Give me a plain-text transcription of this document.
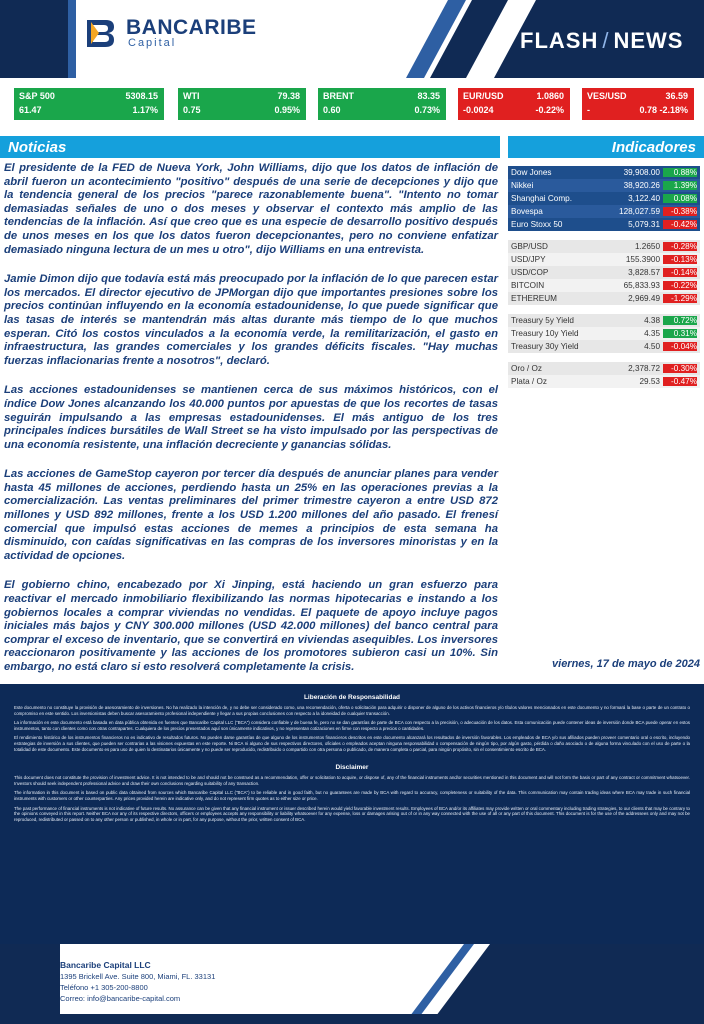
BANCARIBE
Capital	FLASH / NEWS
S&P 500	5308.15
61.47	1.17%
WTI	79.38
0.75	0.95%
BRENT	83.35
0.60	0.73%
EUR/USD	1.0860
-0.0024	-0.22%
VES/USD	36.59
-	0.78 -2.18%
Noticias	Indicadores

El presidente de la FED de Nueva York, John Williams, dijo que los datos de inflación de abril fueron un acontecimiento "positivo" después de una serie de decepciones y dijo que la tendencia general de los precios "parece razonablemente buena". "Intento no tomar demasiadas señales de uno o dos meses y observar el contexto más amplio de las tendencias de la inflación. Así que creo que es una especie de desarrollo positivo después de unos meses en los que los datos fueron decepcionantes, pero no conviene enfatizar demasiado ninguna lectura de un mes u otro", dijo Williams en una entrevista.

Jamie Dimon dijo que todavía está más preocupado por la inflación de lo que parecen estar los mercados. El director ejecutivo de JPMorgan dijo que importantes presiones sobre los precios continúan influyendo en la economía estadounidense, lo que puede significar que las tasas de interés se mantendrán más altas durante más tiempo de lo que muchos esperan. Citó los costos vinculados a la economía verde, la remilitarización, el gasto en infraestructura, las grandes comerciales y los grandes déficits fiscales. "Hay muchas fuerzas inflacionarias frente a nosotros", declaró.

Las acciones estadounidenses se mantienen cerca de sus máximos históricos, con el índice Dow Jones alcanzando los 40.000 puntos por apuestas de que los recortes de tasas seguirán impulsando a las empresas estadounidenses. El más antiguo de los tres principales índices bursátiles de Wall Street se ha visto impulsado por las perspectivas de una economía resistente, una inflación decreciente y ganancias sólidas.

Las acciones de GameStop cayeron por tercer día después de anunciar planes para vender hasta 45 millones de acciones, perdiendo hasta un 25% en las operaciones previas a la comercialización. Las ventas preliminares del primer trimestre cayeron a entre USD 872 millones y USD 892 millones, frente a los USD 1.200 millones del año pasado. El frenesí comercial que impulsó estas acciones de memes a principios de esta semana ha disminuido, con caídas significativas en las compras de los inversores minoristas y en la actividad de opciones.

El gobierno chino, encabezado por Xi Jinping, está haciendo un gran esfuerzo para reactivar el mercado inmobiliario flexibilizando las normas hipotecarias e instando a los gobiernos locales a comprar viviendas no vendidas. El paquete de apoyo incluye pagos iniciales más bajos y CNY 300.000 millones (USD 42.000 millones) del banco central para comprar el exceso de inventario, que se convertirá en viviendas asequibles. Los inversores reaccionaron positivamente y las acciones de los promotores subieron casi un 10%. Sin embargo, no está claro si esto resolverá completamente la crisis.	viernes, 17 de mayo de 2024
Dow Jones	39,908.00	0.88%
Nikkei	38,920.26	1.39%
Shanghai Comp.	3,122.40	0.08%
Bovespa	128,027.59	-0.38%
Euro Stoxx 50	5,079.31	-0.42%
GBP/USD	1.2650	-0.28%
USD/JPY	155.3900	-0.13%
USD/COP	3,828.57	-0.14%
BITCOIN	65,833.93	-0.22%
ETHEREUM	2,969.49	-1.29%
Treasury 5y Yield	4.38	0.72%
Treasury 10y Yield	4.35	0.31%
Treasury 30y Yield	4.50	-0.04%
Oro / Oz	2,378.72	-0.30%
Plata / Oz	29.53	-0.47%
Liberación de Responsabilidad

Este documento no constituye la provisión de asesoramiento de inversiones. No ha realizado la intención de, y no debe ser considerado como, una recomendación, oferta o solicitación para adquirir o disponer de alguno de los activos financieros y/o títulos valores mencionados en este documento y no formará la base o parte de un contrato o compromiso en este sentido. Los inversionistas deben buscar asesoramiento profesional independiente y llegar a sus propias conclusiones con respecto a la idoneidad de cualquier transacción.

La información en este documento está basada en data pública obtenida en fuentes que Bancaribe Capital LLC ("BCA") considera confiable y de buena fe, pero no se dan garantías de parte de BCA con respecto a la precisión, o adecuación de los datos. Esta comunicación puede contener ideas de inversión donde BCA puede operar en estos instrumentos, tanto con clientes como con otras contrapartes. Cualquiera de los precios presentados aquí son únicamente indicativos, y no representan cotizaciones en firme con respecto a precios o cantidades.

El rendimiento histórico de los instrumentos financieros no es indicativo de resultados futuros. No pueden darse garantías de que alguno de los instrumentos financieros descritos en este documento alcanzará los resultados de inversión favorables. Los empleados de BCA y/o sus afiliados pueden proveer comentario oral o escrito, incluyendo estrategias de inversión a sus clientes, que pueden ser contrarias a las visiones expuestas en este reporte. Ni BCA ni alguno de sus respectivos directores, oficiales o empleados aceptan ninguna responsabilidad o compensación de ningún tipo, por algún gasto, pérdida o daño asociado o de alguna forma vinculado con el uso de parte o la totalidad de este documento. Este documento es para uso de quien lo destinatarios únicamente y no puede ser reproducido, redistribuido o compartido con otra persona o publicado, de manera completa o parcial, para ningún propósito, sin el consentimiento escrito de BCA.

Disclaimer

This document does not constitute the provision of investment advice. It is not intended to be and should not be construed as a recommendation, offer or solicitation to acquire, or dispose of, any of the financial instruments and/or securities mentioned in this document and will not form the basis or part of any contract or commitment whatsoever. Investors should seek independent professional advice and draw their own conclusions regarding suitability of any transaction.

The information in this document is based on public data obtained from sources which Bancaribe Capital LLC ("BCA") to be reliable and in good faith, but no guarantees are made by BCA with regard to accuracy, completeness or suitability of the data. This communication may contain trading ideas where BCA may trade in such financial instruments with customers or other counterparties. Any prices provided herein are indicative only, and do not represent firm quotes as to either size or price.

The past performance of financial instruments is not indicative of future results. No assurance can be given that any financial instrument or issuer described herein would yield favorable investment results. Employees of BCA and/or its affiliates may provide written or oral commentary including trading strategies, to our clients that may be contrary to the opinions conveyed in this report. Neither BCA nor any of its respective directors, officers or employees accepts any responsibility or liability whatsoever for any expense, loss or damages arising out of or in any way connected with the use of all or any part of this document. This document is for the use of the addressees only and may not be reproduced, redistributed or passed on to any other person or published, in whole or in part, for any purpose, without the prior, written consent of BCA.

Bancaribe Capital LLC
1395 Brickell Ave. Suite 800, Miami, FL. 33131
Teléfono +1 305-200-8800
Correo: info@bancaribe-capital.com
